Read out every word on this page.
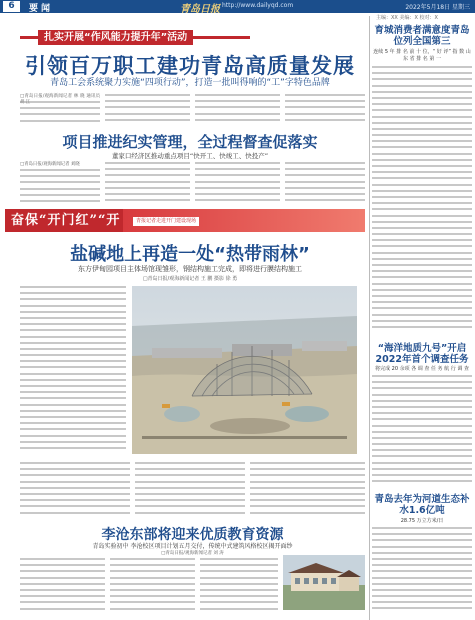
6	要闻	青岛日报 http://www.dailyqd.com	2022年5月18日 星期三
主编：XX 美编：X 校对：X
扎实开展“作风能力提升年”活动
引领百万职工建功青岛高质量发展
青岛工会系统聚力实施“四项行动”，打造一批叫得响的“工”字特色品牌
□青岛日报/观海新闻记者 林 晓 通讯员
项目推进纪实管理，全过程督查促落实
董家口经济区推动重点项目“快开工、快竣工、快投产”
□青岛日报/观海新闻记者 刘晓
奋保“开门红”“开门红”
青报记者走进开门建设现场
盐碱地上再造一处“热带雨林”
东方伊甸园项目主体场馆现雏形，钢结构施工完成，即将进行膜结构施工
□青岛日报/观海新闻记者 王 鹏 摄影 徐 勇
李沧东部将迎来优质教育资源
青岛实验初中 李沧校区项目计划五月交付，传统中式建筑风格校区揭开面纱
□青岛日报/观海新闻记者 刘 涛
育城消费者满意度青岛位列全国第三
连续 5 年 排 名 前 十 位，“ 好 评” 指 数 山 东 省 排 名 第 一
“海洋地质九号”开启2022年首个调查任务
将完成 20 余项 各 调 查 任 务 航 行 调 查
青岛去年为河道生态补水1.6亿吨
28.75 万立方米/日
